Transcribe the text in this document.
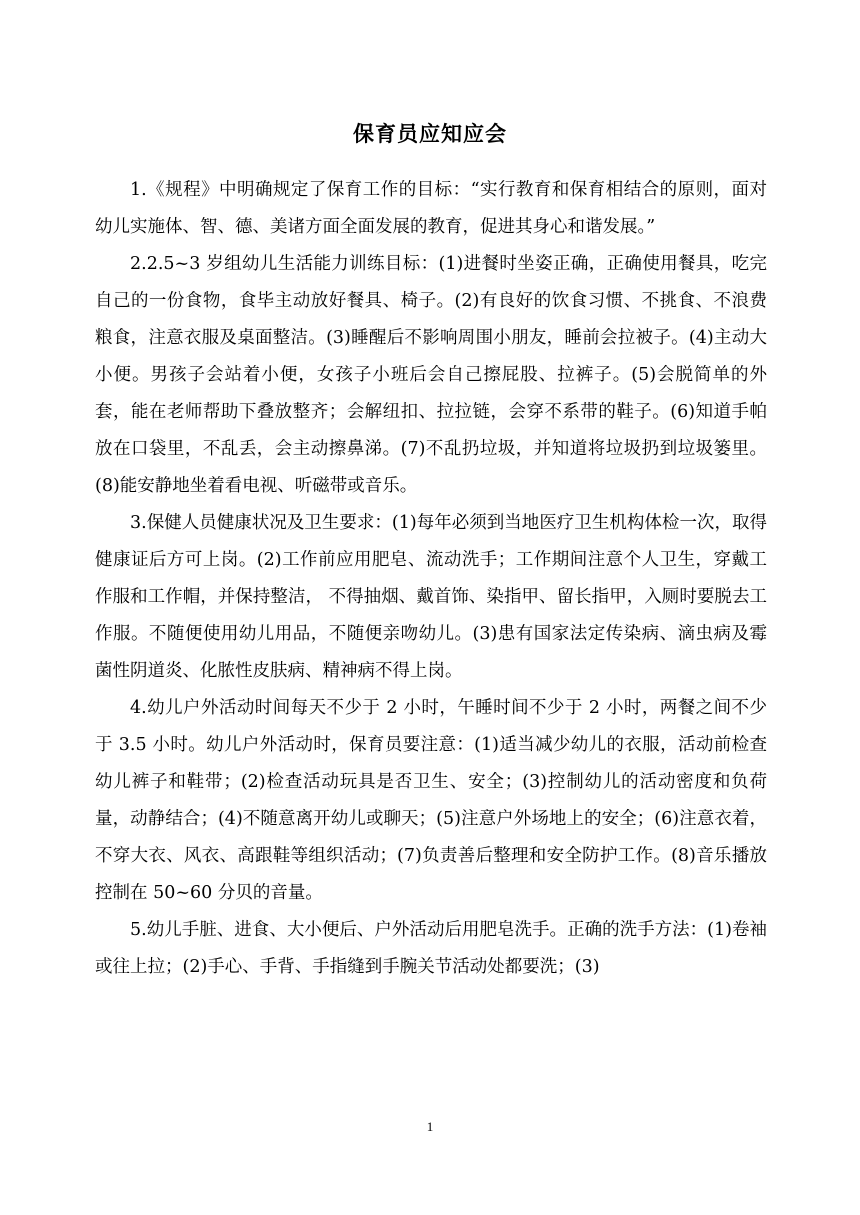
保育员应知应会

1.《规程》中明确规定了保育工作的目标：“实行教育和保育相结合的原则，面对幼儿实施体、智、德、美诸方面全面发展的教育，促进其身心和谐发展。”

2.2.5~3 岁组幼儿生活能力训练目标：(1)进餐时坐姿正确，正确使用餐具，吃完自己的一份食物，食毕主动放好餐具、椅子。(2)有良好的饮食习惯、不挑食、不浪费粮食，注意衣服及桌面整洁。(3)睡醒后不影响周围小朋友，睡前会拉被子。(4)主动大小便。男孩子会站着小便，女孩子小班后会自己擦屁股、拉裤子。(5)会脱简单的外套，能在老师帮助下叠放整齐；会解纽扣、拉拉链，会穿不系带的鞋子。(6)知道手帕放在口袋里，不乱丢，会主动擦鼻涕。(7)不乱扔垃圾，并知道将垃圾扔到垃圾篓里。(8)能安静地坐着看电视、听磁带或音乐。

3.保健人员健康状况及卫生要求：(1)每年必须到当地医疗卫生机构体检一次，取得健康证后方可上岗。(2)工作前应用肥皂、流动洗手；工作期间注意个人卫生，穿戴工作服和工作帽，并保持整洁， 不得抽烟、戴首饰、染指甲、留长指甲，入厕时要脱去工作服。不随便使用幼儿用品，不随便亲吻幼儿。(3)患有国家法定传染病、滴虫病及霉菌性阴道炎、化脓性皮肤病、精神病不得上岗。

4.幼儿户外活动时间每天不少于 2 小时，午睡时间不少于 2 小时，两餐之间不少于 3.5 小时。幼儿户外活动时，保育员要注意：(1)适当减少幼儿的衣服，活动前检查幼儿裤子和鞋带；(2)检查活动玩具是否卫生、安全；(3)控制幼儿的活动密度和负荷量，动静结合；(4)不随意离开幼儿或聊天；(5)注意户外场地上的安全；(6)注意衣着，不穿大衣、风衣、高跟鞋等组织活动；(7)负责善后整理和安全防护工作。(8)音乐播放控制在 50~60 分贝的音量。

5.幼儿手脏、进食、大小便后、户外活动后用肥皂洗手。正确的洗手方法：(1)卷袖或往上拉；(2)手心、手背、手指缝到手腕关节活动处都要洗；(3)

1
